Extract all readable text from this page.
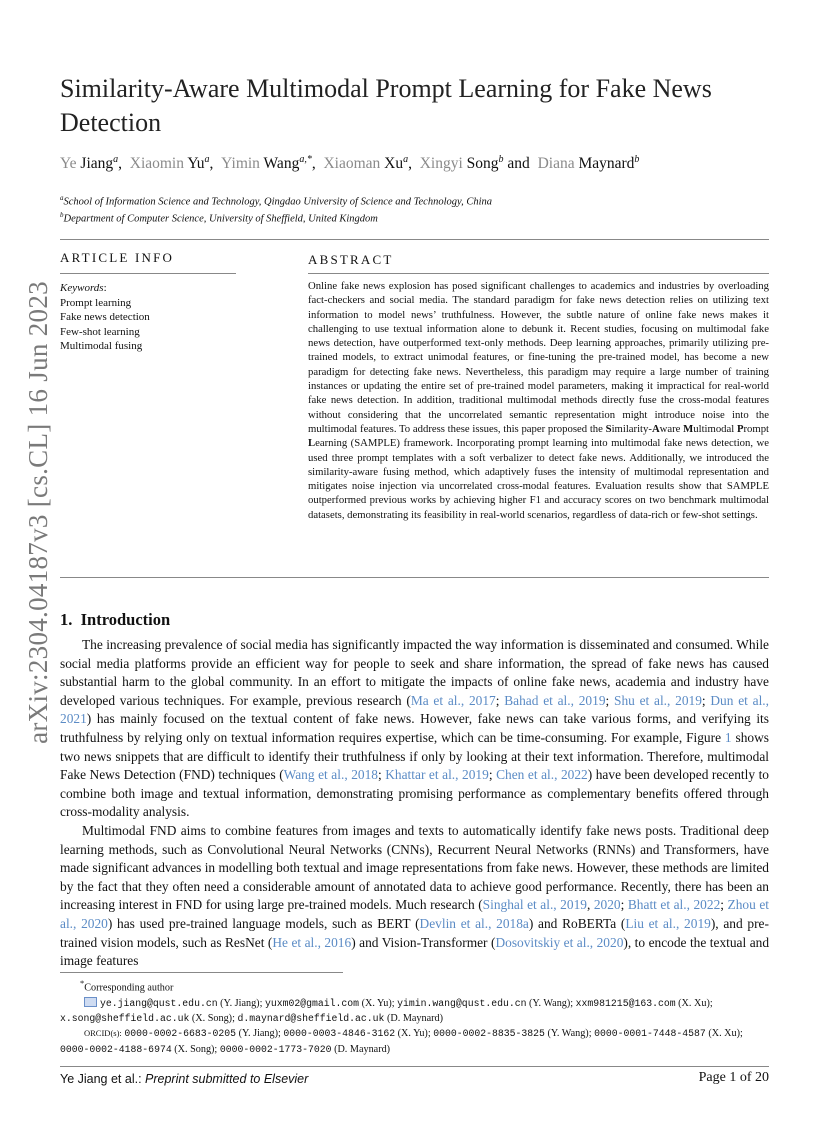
arXiv:2304.04187v3 [cs.CL] 16 Jun 2023
Similarity-Aware Multimodal Prompt Learning for Fake News Detection
Ye Jiang$^a$,  Xiaomin Yu$^a$,  Yimin Wang$^{a,*}$,  Xiaoman Xu$^a$,  Xingyi Song$^b$ and  Diana Maynard$^b$
$^a$School of Information Science and Technology, Qingdao University of Science and Technology, China
$^b$Department of Computer Science, University of Sheffield, United Kingdom
ARTICLE INFO
Keywords:
Prompt learning
Fake news detection
Few-shot learning
Multimodal fusing
ABSTRACT
Online fake news explosion has posed significant challenges to academics and industries by overloading fact-checkers and social media. The standard paradigm for fake news detection relies on utilizing text information to model news’ truthfulness. However, the subtle nature of online fake news makes it challenging to use textual information alone to debunk it. Recent studies, focusing on multimodal fake news detection, have outperformed text-only methods. Deep learning approaches, primarily utilizing pre-trained models, to extract unimodal features, or fine-tuning the pre-trained model, has become a new paradigm for detecting fake news. Nevertheless, this paradigm may require a large number of training instances or updating the entire set of pre-trained model parameters, making it impractical for real-world fake news detection. In addition, traditional multimodal methods directly fuse the cross-modal features without considering that the uncorrelated semantic representation might introduce noise into the multimodal features. To address these issues, this paper proposed the Similarity-Aware Multimodal Prompt Learning (SAMPLE) framework. Incorporating prompt learning into multimodal fake news detection, we used three prompt templates with a soft verbalizer to detect fake news. Additionally, we introduced the similarity-aware fusing method, which adaptively fuses the intensity of multimodal representation and mitigates noise injection via uncorrelated cross-modal features. Evaluation results show that SAMPLE outperformed previous works by achieving higher F1 and accuracy scores on two benchmark multimodal datasets, demonstrating its feasibility in real-world scenarios, regardless of data-rich or few-shot settings.
1. Introduction

The increasing prevalence of social media has significantly impacted the way information is disseminated and consumed. While social media platforms provide an efficient way for people to seek and share information, the spread of fake news has caused substantial harm to the global community. In an effort to mitigate the impacts of online fake news, academia and industry have developed various techniques. For example, previous research (Ma et al., 2017; Bahad et al., 2019; Shu et al., 2019; Dun et al., 2021) has mainly focused on the textual content of fake news. However, fake news can take various forms, and verifying its truthfulness by relying only on textual information requires expertise, which can be time-consuming. For example, Figure 1 shows two news snippets that are difficult to identify their truthfulness if only by looking at their text information. Therefore, multimodal Fake News Detection (FND) techniques (Wang et al., 2018; Khattar et al., 2019; Chen et al., 2022) have been developed recently to combine both image and textual information, demonstrating promising performance as complementary benefits offered through cross-modality analysis.

Multimodal FND aims to combine features from images and texts to automatically identify fake news posts. Traditional deep learning methods, such as Convolutional Neural Networks (CNNs), Recurrent Neural Networks (RNNs) and Transformers, have made significant advances in modelling both textual and image representations from fake news. However, these methods are limited by the fact that they often need a considerable amount of annotated data to achieve good performance. Recently, there has been an increasing interest in FND for using large pre-trained models. Much research (Singhal et al., 2019, 2020; Bhatt et al., 2022; Zhou et al., 2020) has used pre-trained language models, such as BERT (Devlin et al., 2018a) and RoBERTa (Liu et al., 2019), and pre-trained vision models, such as ResNet (He et al., 2016) and Vision-Transformer (Dosovitskiy et al., 2020), to encode the textual and image features

*Corresponding author
ye.jiang@qust.edu.cn (Y. Jiang); yuxm02@gmail.com (X. Yu); yimin.wang@qust.edu.cn (Y. Wang); xxm981215@163.com (X. Xu); x.song@sheffield.ac.uk (X. Song); d.maynard@sheffield.ac.uk (D. Maynard)
ORCID(s): 0000-0002-6683-0205 (Y. Jiang); 0000-0003-4846-3162 (X. Yu); 0000-0002-8835-3825 (Y. Wang); 0000-0001-7448-4587 (X. Xu); 0000-0002-4188-6974 (X. Song); 0000-0002-1773-7020 (D. Maynard)
Ye Jiang et al.: Preprint submitted to Elsevier	Page 1 of 20
